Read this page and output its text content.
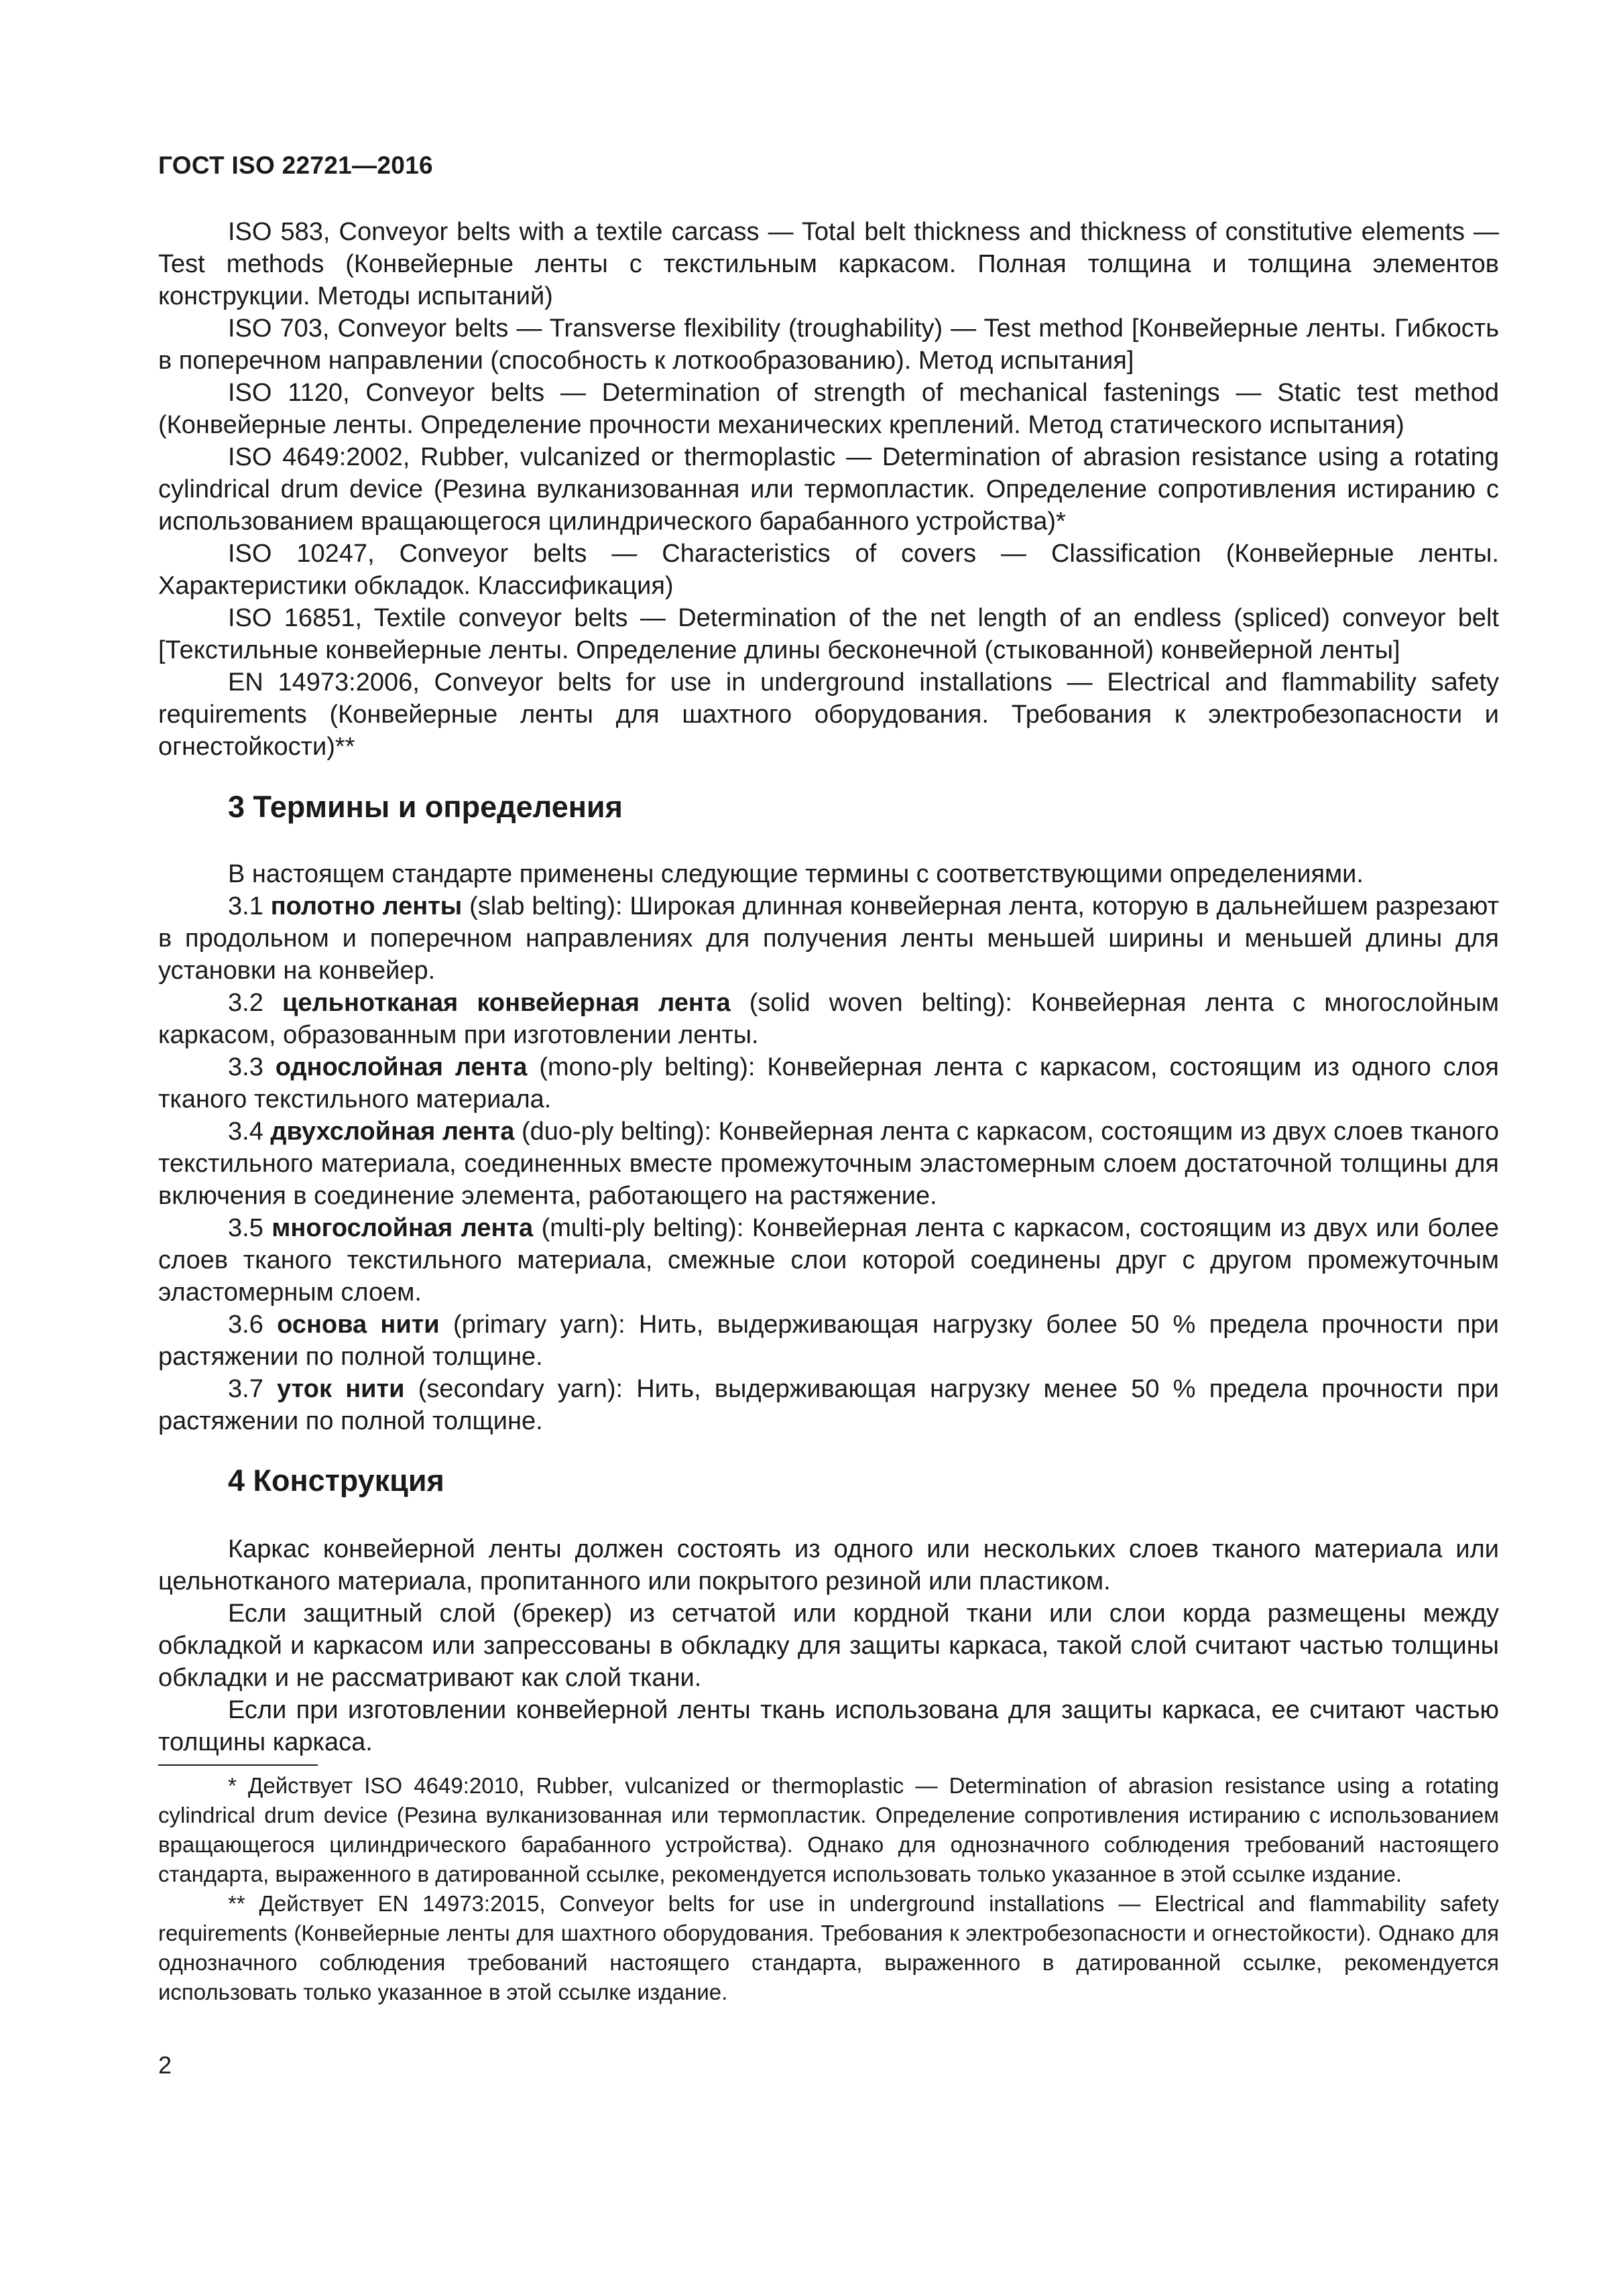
ГОСТ ISO 22721—2016

ISO 583, Conveyor belts with a textile carcass — Total belt thickness and thickness of constitutive elements — Test methods (Конвейерные ленты с текстильным каркасом. Полная толщина и толщина элементов конструкции. Методы испытаний)

ISO 703, Conveyor belts — Transverse flexibility (troughability) — Test method [Конвейерные ленты. Гибкость в поперечном направлении (способность к лоткообразованию). Метод испытания]

ISO 1120, Conveyor belts — Determination of strength of mechanical fastenings — Static test method (Конвейерные ленты. Определение прочности механических креплений. Метод статического испытания)

ISO 4649:2002, Rubber, vulcanized or thermoplastic — Determination of abrasion resistance using a rotating cylindrical drum device (Резина вулканизованная или термопластик. Определение сопротивления истиранию с использованием вращающегося цилиндрического барабанного устройства)*

ISO 10247, Conveyor belts — Characteristics of covers — Classification (Конвейерные ленты. Характеристики обкладок. Классификация)

ISO 16851, Textile conveyor belts — Determination of the net length of an endless (spliced) conveyor belt [Текстильные конвейерные ленты. Определение длины бесконечной (стыкованной) конвейерной ленты]

EN 14973:2006, Conveyor belts for use in underground installations — Electrical and flammability safety requirements (Конвейерные ленты для шахтного оборудования. Требования к электробезопасности и огнестойкости)**

3 Термины и определения

В настоящем стандарте применены следующие термины с соответствующими определениями.

3.1 полотно ленты (slab belting): Широкая длинная конвейерная лента, которую в дальнейшем разрезают в продольном и поперечном направлениях для получения ленты меньшей ширины и меньшей длины для установки на конвейер.

3.2 цельнотканая конвейерная лента (solid woven belting): Конвейерная лента с многослойным каркасом, образованным при изготовлении ленты.

3.3 однослойная лента (mono-ply belting): Конвейерная лента с каркасом, состоящим из одного слоя тканого текстильного материала.

3.4 двухслойная лента (duo-ply belting): Конвейерная лента с каркасом, состоящим из двух слоев тканого текстильного материала, соединенных вместе промежуточным эластомерным слоем достаточной толщины для включения в соединение элемента, работающего на растяжение.

3.5 многослойная лента (multi-ply belting): Конвейерная лента с каркасом, состоящим из двух или более слоев тканого текстильного материала, смежные слои которой соединены друг с другом промежуточным эластомерным слоем.

3.6 основа нити (primary yarn): Нить, выдерживающая нагрузку более 50 % предела прочности при растяжении по полной толщине.

3.7 уток нити (secondary yarn): Нить, выдерживающая нагрузку менее 50 % предела прочности при растяжении по полной толщине.

4 Конструкция

Каркас конвейерной ленты должен состоять из одного или нескольких слоев тканого материала или цельнотканого материала, пропитанного или покрытого резиной или пластиком.

Если защитный слой (брекер) из сетчатой или кордной ткани или слои корда размещены между обкладкой и каркасом или запрессованы в обкладку для защиты каркаса, такой слой считают частью толщины обкладки и не рассматривают как слой ткани.

Если при изготовлении конвейерной ленты ткань использована для защиты каркаса, ее считают частью толщины каркаса.

* Действует ISO 4649:2010, Rubber, vulcanized or thermoplastic — Determination of abrasion resistance using a rotating cylindrical drum device (Резина вулканизованная или термопластик. Определение сопротивления истиранию с использованием вращающегося цилиндрического барабанного устройства). Однако для однозначного соблюдения требований настоящего стандарта, выраженного в датированной ссылке, рекомендуется использовать только указанное в этой ссылке издание.

** Действует EN 14973:2015, Conveyor belts for use in underground installations — Electrical and flammability safety requirements (Конвейерные ленты для шахтного оборудования. Требования к электробезопасности и огнестойкости). Однако для однозначного соблюдения требований настоящего стандарта, выраженного в датированной ссылке, рекомендуется использовать только указанное в этой ссылке издание.

2
